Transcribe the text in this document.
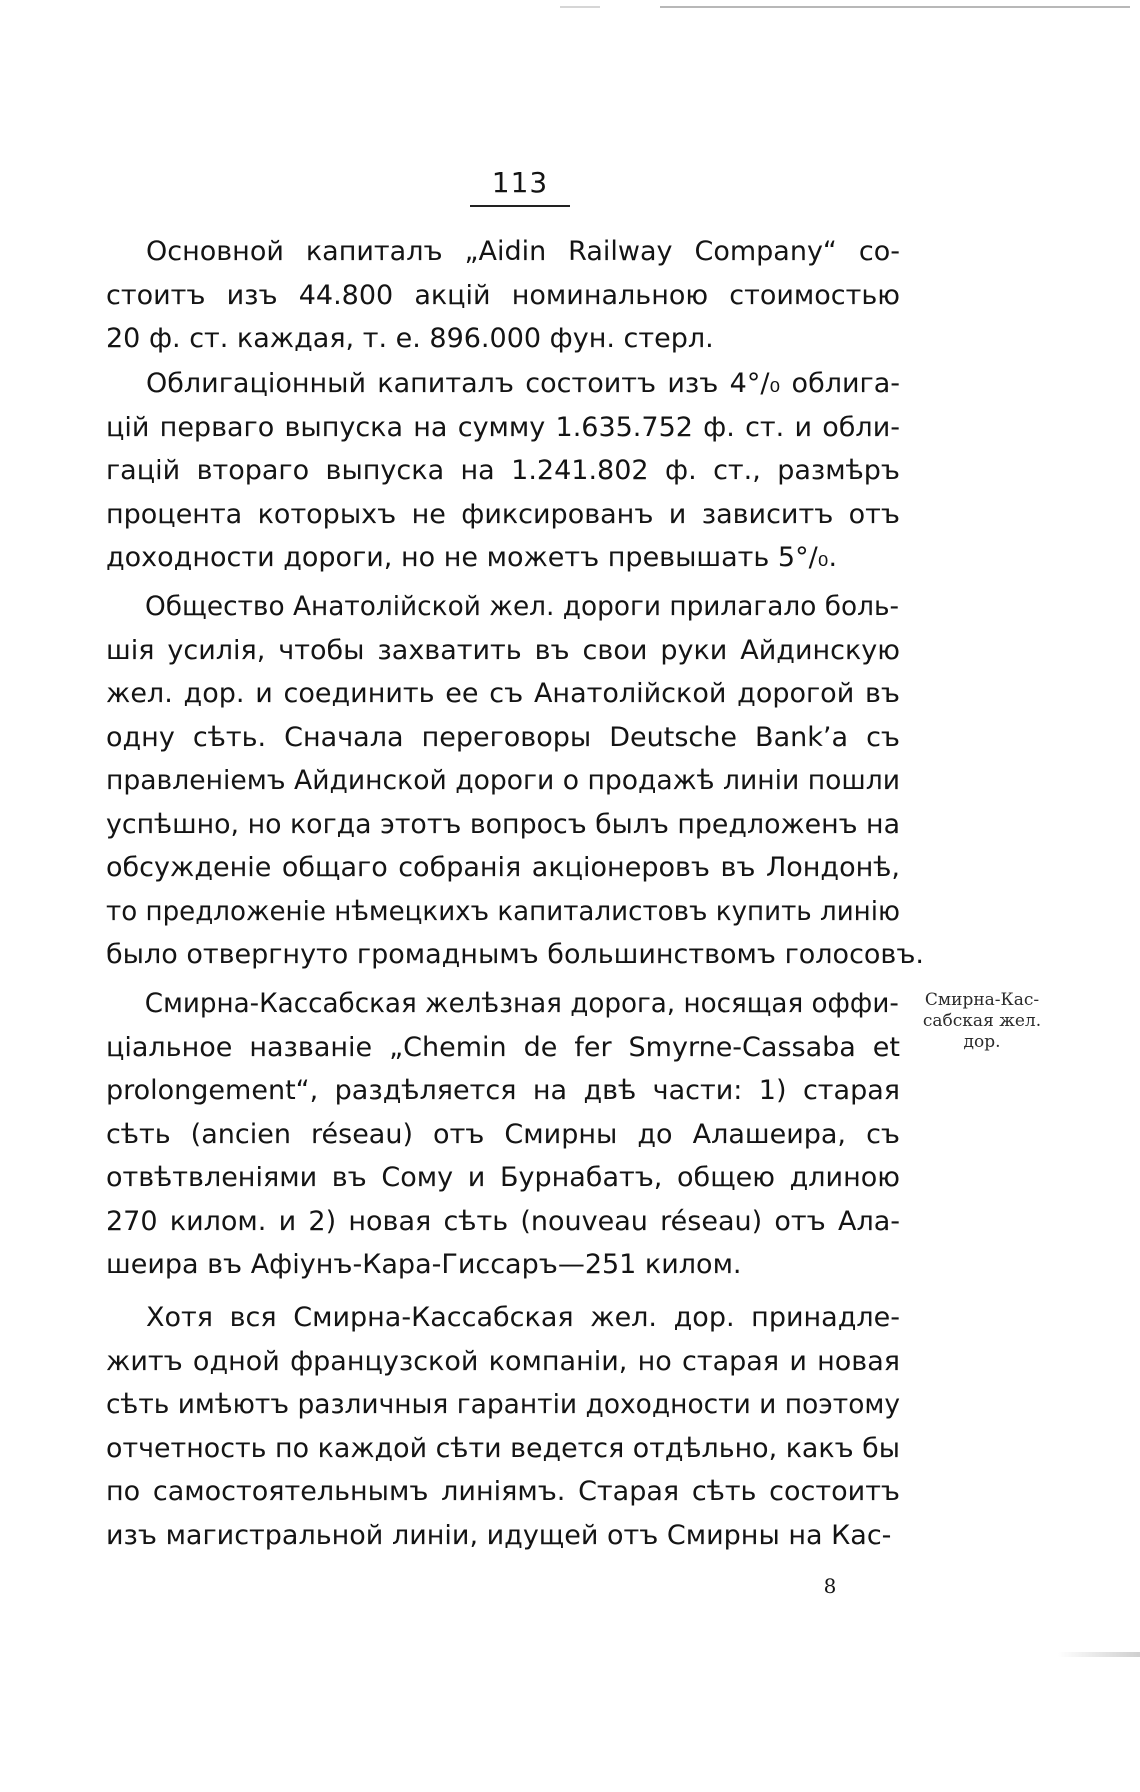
113
Основной капиталъ „Aidin Railway Company“ со-
стоитъ изъ 44.800 акцій номинальною стоимостью
20 ф. ст. каждая, т. е. 896.000 фун. стерл.
Облигаціонный капиталъ состоитъ изъ 4°/₀ облига-
цій перваго выпуска на сумму 1.635.752 ф. ст. и обли-
гацій втораго выпуска на 1.241.802 ф. ст., размѣръ
процента которыхъ не фиксированъ и зависитъ отъ
доходности дороги, но не можетъ превышать 5°/₀.
Общество Анатолійской жел. дороги прилагало боль-
шія усилія, чтобы захватить въ свои руки Айдинскую
жел. дор. и соединить ее съ Анатолійской дорогой въ
одну сѣть. Сначала переговоры Deutsche Bank’a съ
правленіемъ Айдинской дороги о продажѣ линіи пошли
успѣшно, но когда этотъ вопросъ былъ предложенъ на
обсужденіе общаго собранія акціонеровъ въ Лондонѣ,
то предложеніе нѣмецкихъ капиталистовъ купить линію
было отвергнуто громаднымъ большинствомъ голосовъ.
Смирна-Кассабская желѣзная дорога, носящая оффи-
ціальное названіе „Chemin de fer Smyrne-Cassaba et
prolongement“, раздѣляется на двѣ части: 1) старая
сѣть (ancien réseau) отъ Смирны до Алашеира, съ
отвѣтвленіями въ Сому и Бурнабатъ, общею длиною
270 килом. и 2) новая сѣть (nouveau réseau) отъ Ала-
шеира въ Афіунъ-Кара-Гиссаръ—251 килом.
Хотя вся Смирна-Кассабская жел. дор. принадле-
житъ одной французской компаніи, но старая и новая
сѣть имѣютъ различныя гарантіи доходности и поэтому
отчетность по каждой сѣти ведется отдѣльно, какъ бы
по самостоятельнымъ линіямъ. Старая сѣть состоитъ
изъ магистральной линіи, идущей отъ Смирны на Кас-
Смирна-Кас-
сабская жел.
дор.
8
